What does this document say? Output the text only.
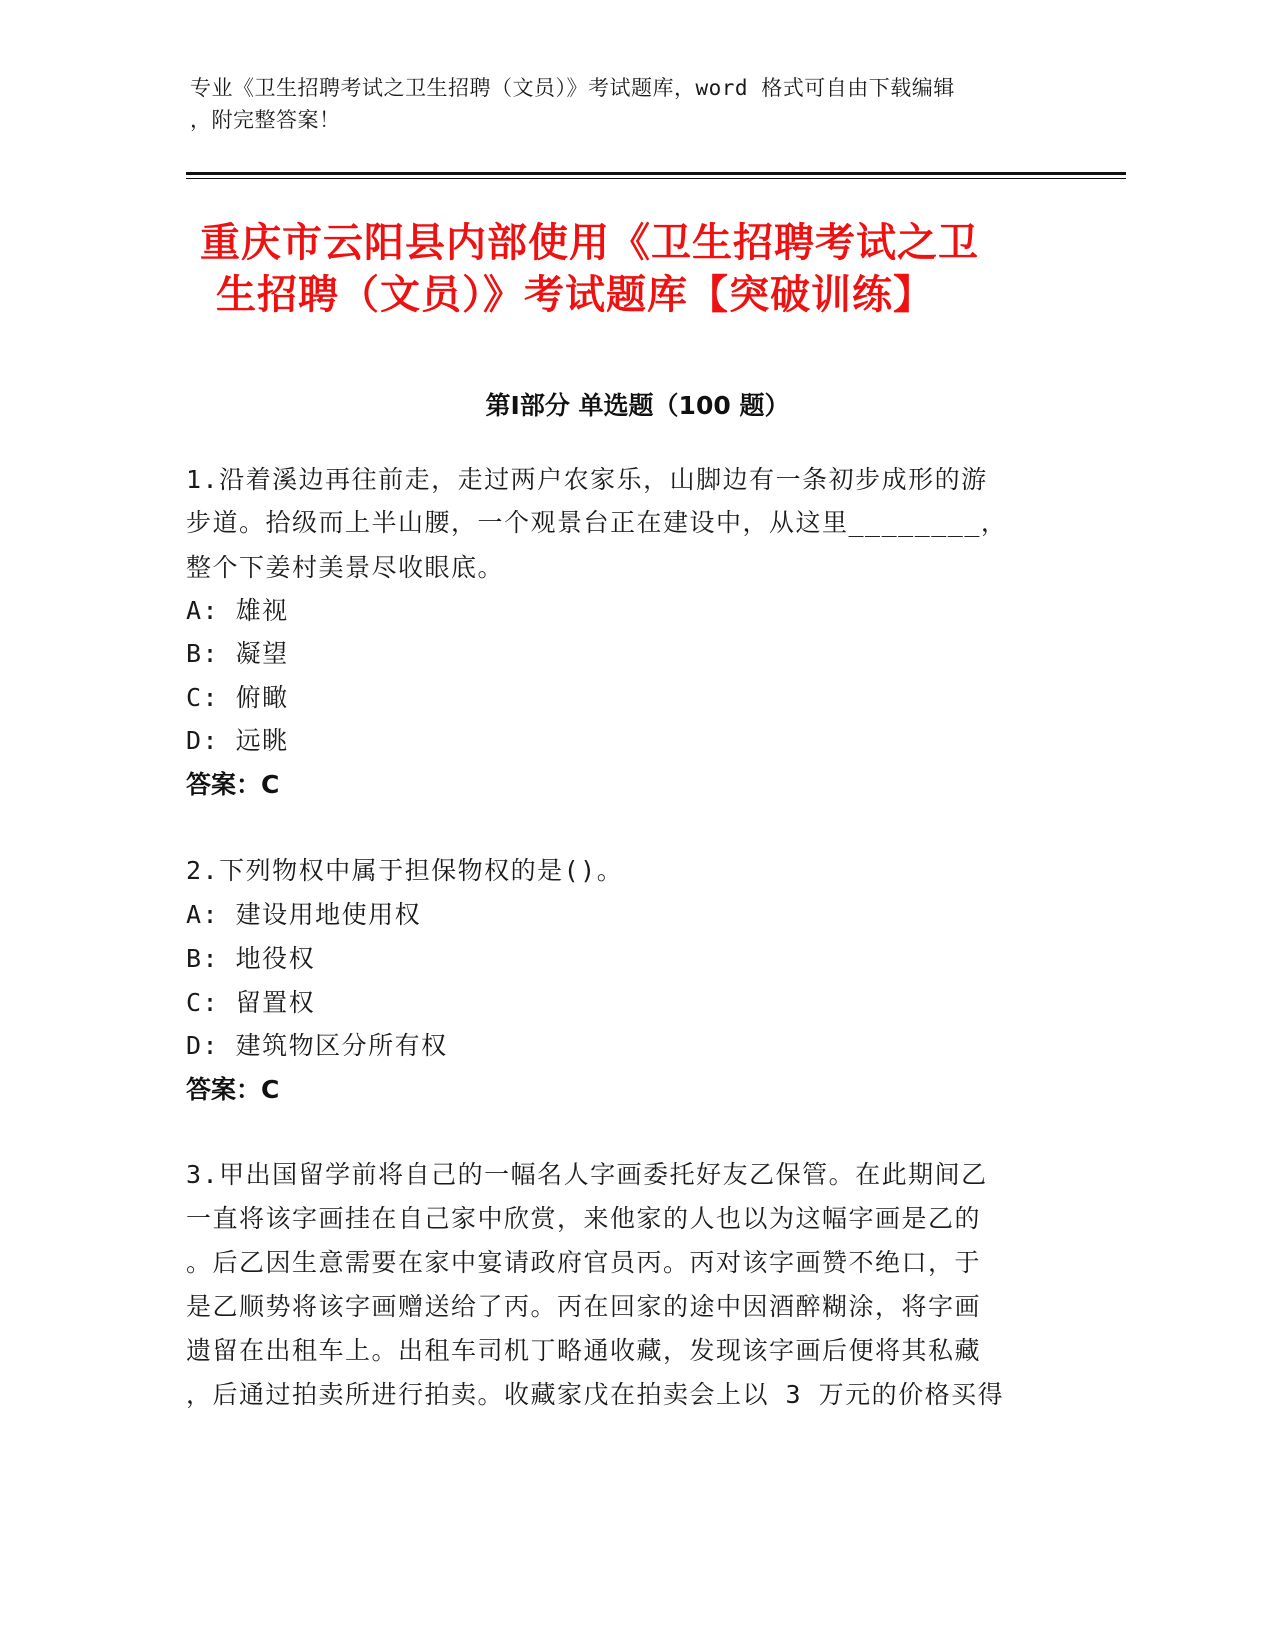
专业《卫生招聘考试之卫生招聘（文员）》考试题库，word 格式可自由下载编辑
，附完整答案！
重庆市云阳县内部使用《卫生招聘考试之卫
生招聘（文员）》考试题库【突破训练】
第Ⅰ部分 单选题（100 题）
1.沿着溪边再往前走，走过两户农家乐，山脚边有一条初步成形的游
步道。拾级而上半山腰，一个观景台正在建设中，从这里________，
整个下姜村美景尽收眼底。
A: 雄视
B: 凝望
C: 俯瞰
D: 远眺
答案：C
2.下列物权中属于担保物权的是()。
A: 建设用地使用权
B: 地役权
C: 留置权
D: 建筑物区分所有权
答案：C
3.甲出国留学前将自己的一幅名人字画委托好友乙保管。在此期间乙
一直将该字画挂在自己家中欣赏，来他家的人也以为这幅字画是乙的
。后乙因生意需要在家中宴请政府官员丙。丙对该字画赞不绝口，于
是乙顺势将该字画赠送给了丙。丙在回家的途中因酒醉糊涂，将字画
遗留在出租车上。出租车司机丁略通收藏，发现该字画后便将其私藏
，后通过拍卖所进行拍卖。收藏家戊在拍卖会上以 3 万元的价格买得
